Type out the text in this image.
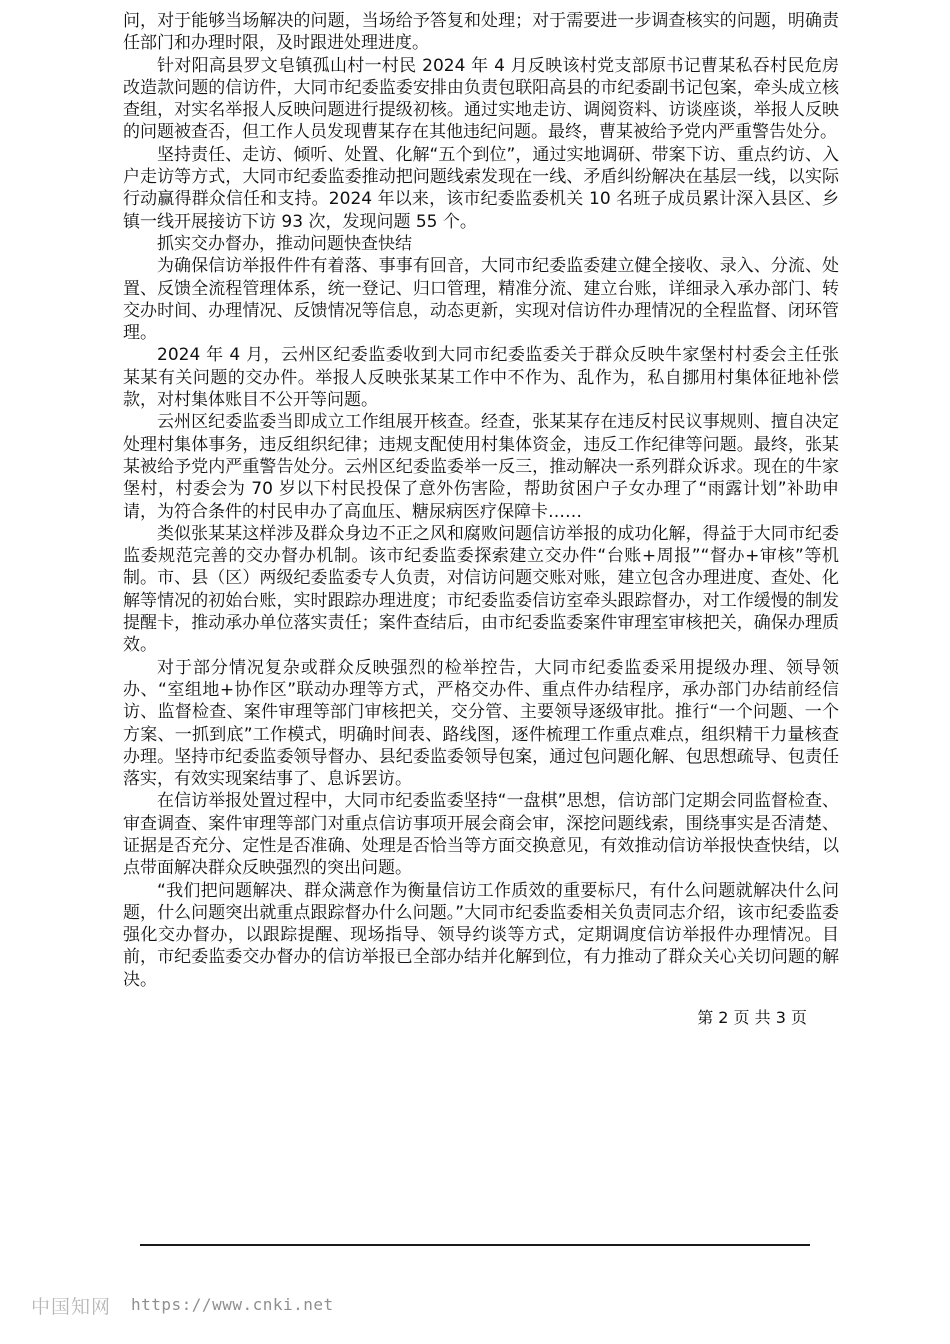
问，对于能够当场解决的问题，当场给予答复和处理；对于需要进一步调查核实的问题，明确责任部门和办理时限，及时跟进处理进度。

针对阳高县罗文皂镇孤山村一村民 2024 年 4 月反映该村党支部原书记曹某私吞村民危房改造款问题的信访件，大同市纪委监委安排由负责包联阳高县的市纪委副书记包案，牵头成立核查组，对实名举报人反映问题进行提级初核。通过实地走访、调阅资料、访谈座谈，举报人反映的问题被查否，但工作人员发现曹某存在其他违纪问题。最终，曹某被给予党内严重警告处分。

坚持责任、走访、倾听、处置、化解“五个到位”，通过实地调研、带案下访、重点约访、入户走访等方式，大同市纪委监委推动把问题线索发现在一线、矛盾纠纷解决在基层一线，以实际行动赢得群众信任和支持。2024 年以来，该市纪委监委机关 10 名班子成员累计深入县区、乡镇一线开展接访下访 93 次，发现问题 55 个。

抓实交办督办，推动问题快查快结

为确保信访举报件件有着落、事事有回音，大同市纪委监委建立健全接收、录入、分流、处置、反馈全流程管理体系，统一登记、归口管理，精准分流、建立台账，详细录入承办部门、转交办时间、办理情况、反馈情况等信息，动态更新，实现对信访件办理情况的全程监督、闭环管理。

2024 年 4 月，云州区纪委监委收到大同市纪委监委关于群众反映牛家堡村村委会主任张某某有关问题的交办件。举报人反映张某某工作中不作为、乱作为，私自挪用村集体征地补偿款，对村集体账目不公开等问题。

云州区纪委监委当即成立工作组展开核查。经查，张某某存在违反村民议事规则、擅自决定处理村集体事务，违反组织纪律；违规支配使用村集体资金，违反工作纪律等问题。最终，张某某被给予党内严重警告处分。云州区纪委监委举一反三，推动解决一系列群众诉求。现在的牛家堡村，村委会为 70 岁以下村民投保了意外伤害险，帮助贫困户子女办理了“雨露计划”补助申请，为符合条件的村民申办了高血压、糖尿病医疗保障卡……

类似张某某这样涉及群众身边不正之风和腐败问题信访举报的成功化解，得益于大同市纪委监委规范完善的交办督办机制。该市纪委监委探索建立交办件“台账+周报”“督办+审核”等机制。市、县（区）两级纪委监委专人负责，对信访问题交账对账，建立包含办理进度、查处、化解等情况的初始台账，实时跟踪办理进度；市纪委监委信访室牵头跟踪督办，对工作缓慢的制发提醒卡，推动承办单位落实责任；案件查结后，由市纪委监委案件审理室审核把关，确保办理质效。

对于部分情况复杂或群众反映强烈的检举控告，大同市纪委监委采用提级办理、领导领办、“室组地+协作区”联动办理等方式，严格交办件、重点件办结程序，承办部门办结前经信访、监督检查、案件审理等部门审核把关，交分管、主要领导逐级审批。推行“一个问题、一个方案、一抓到底”工作模式，明确时间表、路线图，逐件梳理工作重点难点，组织精干力量核查办理。坚持市纪委监委领导督办、县纪委监委领导包案，通过包问题化解、包思想疏导、包责任落实，有效实现案结事了、息诉罢访。

在信访举报处置过程中，大同市纪委监委坚持“一盘棋”思想，信访部门定期会同监督检查、审查调查、案件审理等部门对重点信访事项开展会商会审，深挖问题线索，围绕事实是否清楚、证据是否充分、定性是否准确、处理是否恰当等方面交换意见，有效推动信访举报快查快结，以点带面解决群众反映强烈的突出问题。

“我们把问题解决、群众满意作为衡量信访工作质效的重要标尺，有什么问题就解决什么问题，什么问题突出就重点跟踪督办什么问题。”大同市纪委监委相关负责同志介绍，该市纪委监委强化交办督办，以跟踪提醒、现场指导、领导约谈等方式，定期调度信访举报件办理情况。目前，市纪委监委交办督办的信访举报已全部办结并化解到位，有力推动了群众关心关切问题的解决。

第 2 页 共 3 页
中国知网 https://www.cnki.net
